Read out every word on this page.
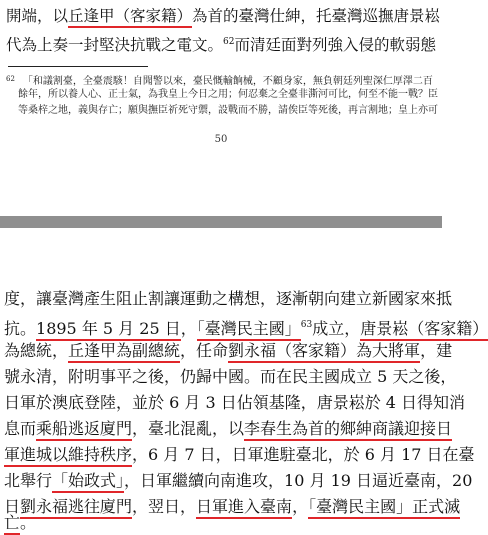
開端，以丘逢甲（客家籍）為首的臺灣仕紳，托臺灣巡撫唐景崧
代為上奏一封堅決抗戰之電文。$^{62}$而清廷面對列強入侵的軟弱態
$^{62}$ 「和議割臺，全臺震駭！自聞警以來，臺民慨輸餉械，不顧身家，無負朝廷列聖深仁厚澤二百
餘年，所以養人心、正士氣，為我皇上今日之用；何忍棄之全臺非澌河可比，何至不能一戰？臣
等桑梓之地，義與存亡；願與撫臣祈死守禦，設戰而不勝，請俟臣等死後，再言割地；皇上亦可
50
度，讓臺灣產生阻止割讓運動之構想，逐漸朝向建立新國家來抵
抗。1895 年 5 月 25 日，「臺灣民主國」$^{63}$成立，唐景崧（客家籍）
為總統，丘逢甲為副總統，任命劉永福（客家籍）為大將軍，建
號永清，附明事平之後，仍歸中國。而在民主國成立 5 天之後，
日軍於澳底登陸，並於 6 月 3 日佔領基隆，唐景崧於 4 日得知消
息而乘船逃返廈門，臺北混亂，以李春生為首的鄉紳商議迎接日
軍進城以維持秩序，6 月 7 日，日軍進駐臺北，於 6 月 17 日在臺
北舉行「始政式」，日軍繼續向南進攻，10 月 19 日逼近臺南，20
日劉永福逃往廈門，翌日，日軍進入臺南，「臺灣民主國」正式滅
亡。
